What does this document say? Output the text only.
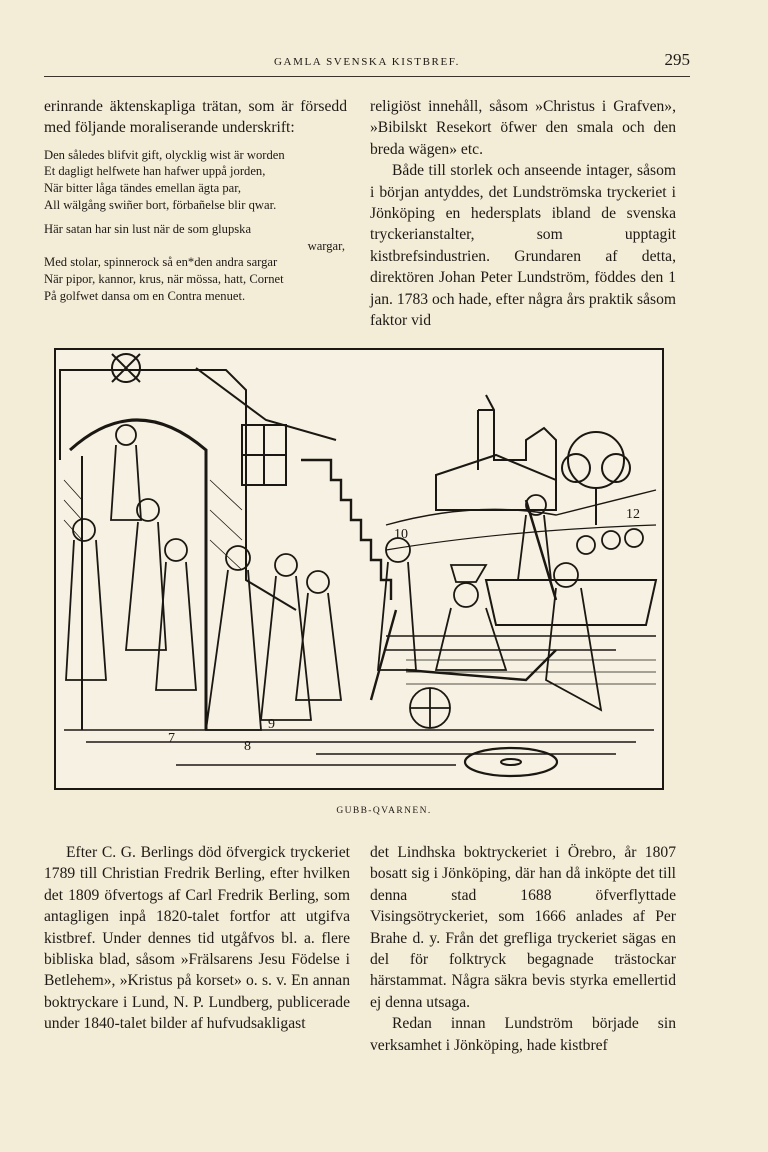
GAMLA SVENSKA KISTBREF.	295

erinrande äktenskapliga trätan, som är försedd med följande moraliserande underskrift:

Den således blifvit gift, olycklig wist är worden
Et dagligt helfwete han hafwer uppå jorden,
När bitter låga tändes emellan ägta par,
All wälgång swiñer bort, förbañelse blir qwar.
Här satan har sin lust när de som glupska
wargar,
Med stolar, spinnerock så en*den andra sargar
När pipor, kannor, krus, när mössa, hatt, Cornet
På golfwet dansa om en Contra menuet.

religiöst innehåll, såsom »Christus i Grafven», »Bibilskt Resekort öfwer den smala och den breda wägen» etc.

Både till storlek och anseende intager, såsom i början antyddes, det Lundströmska tryckeriet i Jönköping en hedersplats ibland de svenska tryckerianstalter, som upptagit kistbrefsindustrien. Grundaren af detta, direktören Johan Peter Lundström, föddes den 1 jan. 1783 och hade, efter några års praktik såsom faktor vid

7
8
9
10
12
GUBB-QVARNEN.

Efter C. G. Berlings död öfvergick tryckeriet 1789 till Christian Fredrik Berling, efter hvilken det 1809 öfvertogs af Carl Fredrik Berling, som antagligen inpå 1820-talet fortfor att utgifva kistbref. Under dennes tid utgåfvos bl. a. flere bibliska blad, såsom »Frälsarens Jesu Födelse i Betlehem», »Kristus på korset» o. s. v. En annan boktryckare i Lund, N. P. Lundberg, publicerade under 1840-talet bilder af hufvudsakligast

det Lindhska boktryckeriet i Örebro, år 1807 bosatt sig i Jönköping, där han då inköpte det till denna stad 1688 öfverflyttade Visingsötryckeriet, som 1666 anlades af Per Brahe d. y. Från det grefliga tryckeriet sägas en del för folktryck begagnade trästockar härstammat. Några säkra bevis styrka emellertid ej denna utsaga.

Redan innan Lundström började sin verksamhet i Jönköping, hade kistbref
